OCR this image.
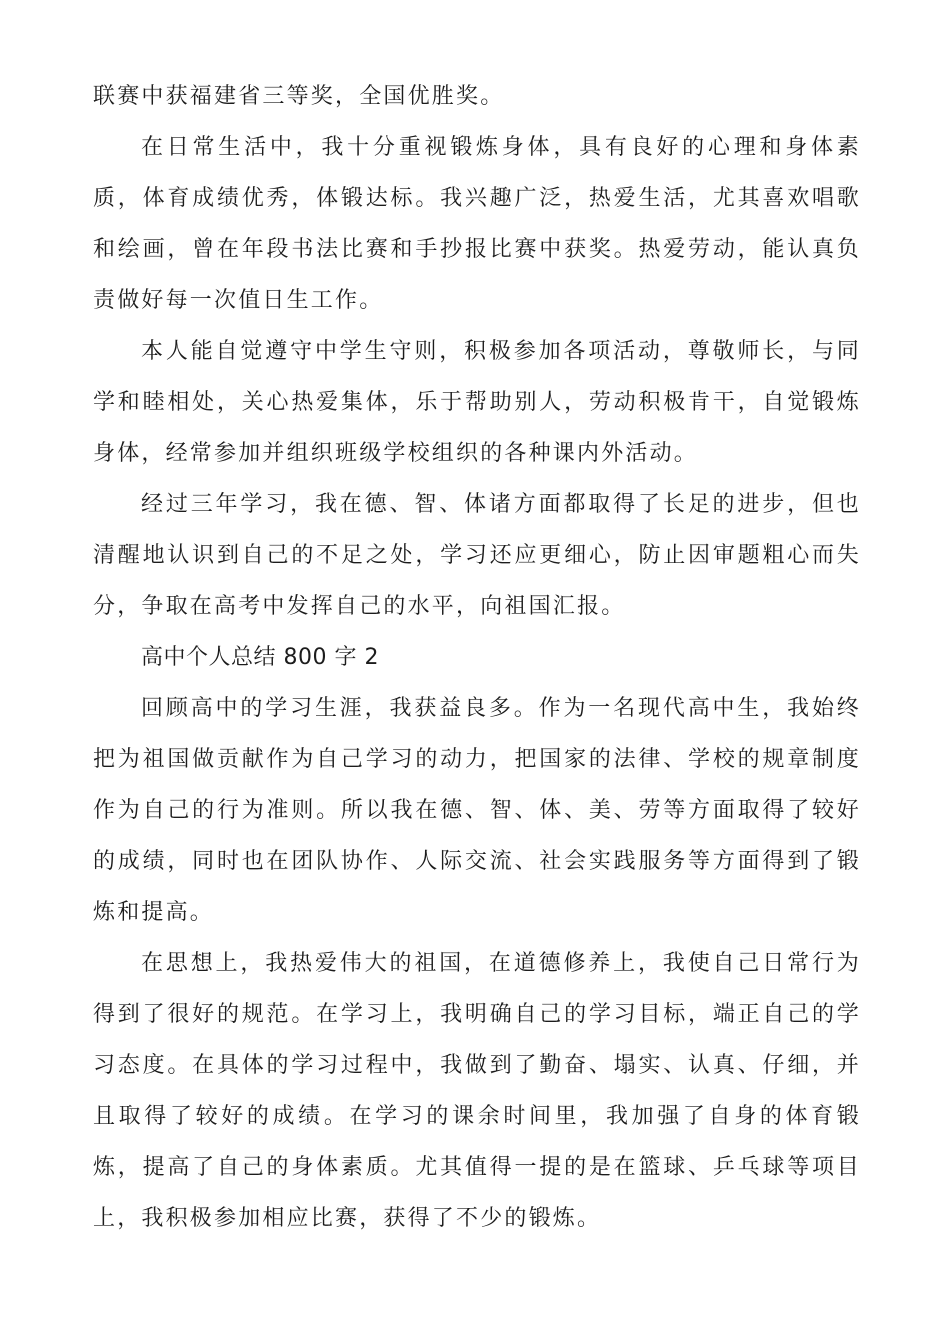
联赛中获福建省三等奖，全国优胜奖。

在日常生活中，我十分重视锻炼身体，具有良好的心理和身体素质，体育成绩优秀，体锻达标。我兴趣广泛，热爱生活，尤其喜欢唱歌和绘画，曾在年段书法比赛和手抄报比赛中获奖。热爱劳动，能认真负责做好每一次值日生工作。

本人能自觉遵守中学生守则，积极参加各项活动，尊敬师长，与同学和睦相处，关心热爱集体，乐于帮助别人，劳动积极肯干，自觉锻炼身体，经常参加并组织班级学校组织的各种课内外活动。

经过三年学习，我在德、智、体诸方面都取得了长足的进步，但也清醒地认识到自己的不足之处，学习还应更细心，防止因审题粗心而失分，争取在高考中发挥自己的水平，向祖国汇报。

高中个人总结 800 字 2

回顾高中的学习生涯，我获益良多。作为一名现代高中生，我始终把为祖国做贡献作为自己学习的动力，把国家的法律、学校的规章制度作为自己的行为准则。所以我在德、智、体、美、劳等方面取得了较好的成绩，同时也在团队协作、人际交流、社会实践服务等方面得到了锻炼和提高。

在思想上，我热爱伟大的祖国，在道德修养上，我使自己日常行为得到了很好的规范。在学习上，我明确自己的学习目标，端正自己的学习态度。在具体的学习过程中，我做到了勤奋、塌实、认真、仔细，并且取得了较好的成绩。在学习的课余时间里，我加强了自身的体育锻炼，提高了自己的身体素质。尤其值得一提的是在篮球、乒乓球等项目上，我积极参加相应比赛，获得了不少的锻炼。
